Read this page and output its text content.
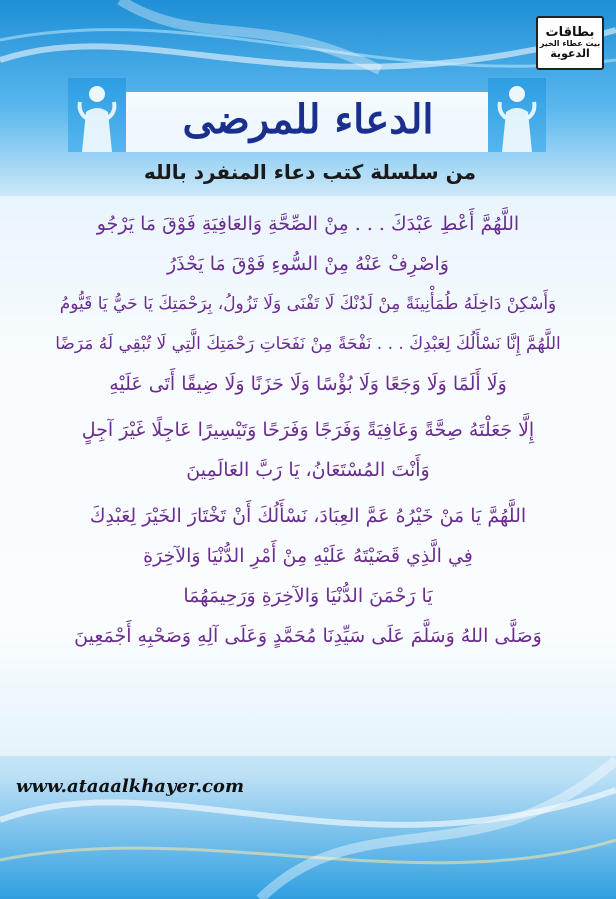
بطاقات
بيت عطاء الخير
الدعوية
الدعاء للمرضى

من سلسلة كتب دعاء المنفرد بالله

اللَّهُمَّ أَعْطِ عَبْدَكَ . . . مِنْ الصِّحَّةِ وَالعَافِيَةِ فَوْقَ مَا يَرْجُو
وَاصْرِفْ عَنْهُ مِنْ السُّوءِ فَوْقَ مَا يَحْذَرُ
وَأَسْكِنْ دَاخِلَهُ طُمَأْنِينَةً مِنْ لَدُنْكَ لَا تَفْنَى وَلَا تَزُولُ، بِرَحْمَتِكَ يَا حَيُّ يَا قَيُّومُ
اللَّهُمَّ إِنَّا نَسْأَلُكَ لِعَبْدِكَ . . . نَفْحَةً مِنْ نَفَحَاتِ رَحْمَتِكَ الَّتِي لَا تُبْقِي لَهُ مَرَضًا
وَلَا أَلَمًا وَلَا وَجَعًا وَلَا بُؤْسًا وَلَا حَزَنًا وَلَا ضِيقًا أَتَى عَلَيْهِ
إِلَّا جَعَلْتَهُ صِحَّةً وَعَافِيَةً وَفَرَجًا وَفَرَحًا وَتَيْسِيرًا عَاجِلًا غَيْرَ آجِلٍ
وَأَنْتَ المُسْتَعَانُ، يَا رَبَّ العَالَمِينَ
اللَّهُمَّ يَا مَنْ خَيْرُهُ عَمَّ العِبَادَ، نَسْأَلُكَ أَنْ تَخْتَارَ الخَيْرَ لِعَبْدِكَ
فِي الَّذِي قَضَيْتَهُ عَلَيْهِ مِنْ أَمْرِ الدُّنْيَا وَالآخِرَةِ
يَا رَحْمَنَ الدُّنْيَا وَالآخِرَةِ وَرَحِيمَهُمَا
وَصَلَّى اللهُ وَسَلَّمَ عَلَى سَيِّدِنَا مُحَمَّدٍ وَعَلَى آلِهِ وَصَحْبِهِ أَجْمَعِينَ

www.ataaalkhayer.com
